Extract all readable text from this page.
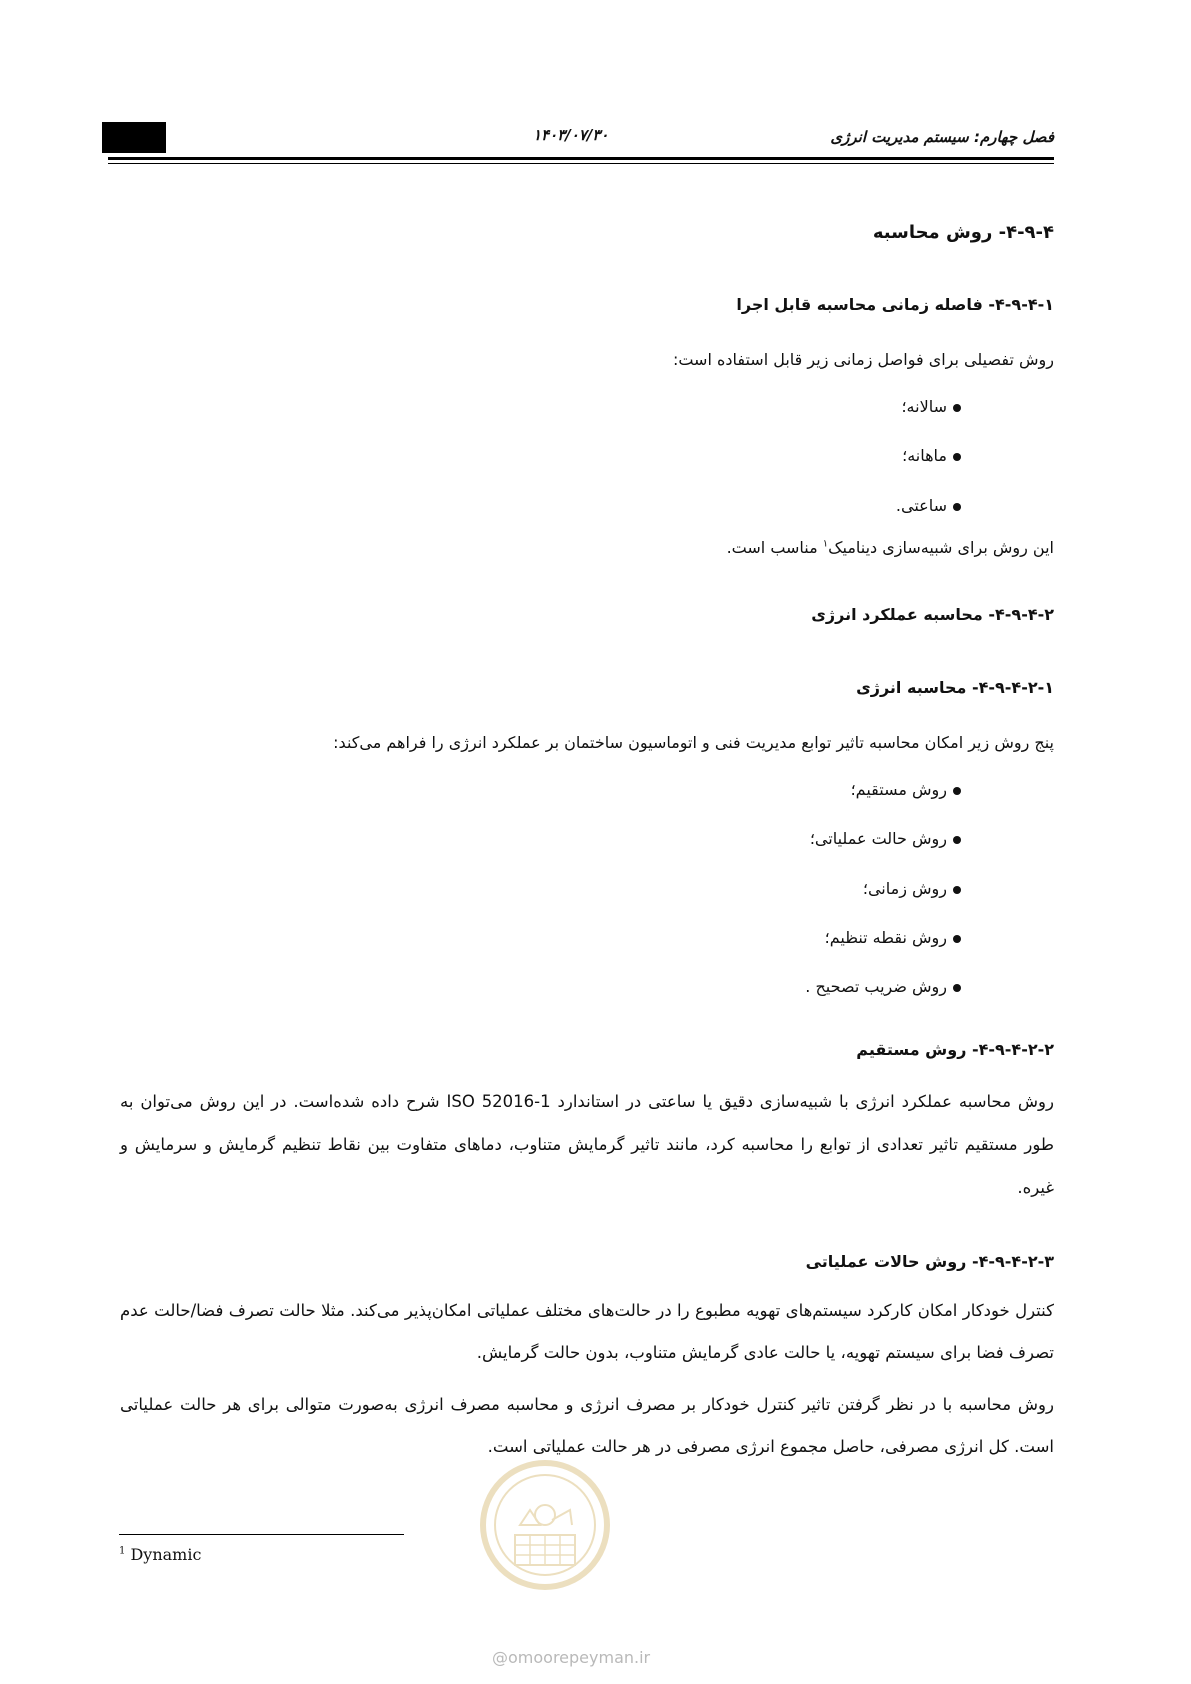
فصل چهارم: سیستم مدیریت انرژی
۱۴۰۳/۰۷/۳۰
۴-۹-۴- روش محاسبه
۴-۹-۴-۱- فاصله زمانی محاسبه قابل اجرا
روش تفصیلی برای فواصل زمانی زیر قابل استفاده است:
سالانه؛
ماهانه؛
ساعتی.
این روش برای شبیه‌سازی دینامیک$^۱$ مناسب است.
۴-۹-۴-۲- محاسبه عملکرد انرژی
۴-۹-۴-۲-۱- محاسبه انرژی
پنج روش زیر امکان محاسبه تاثیر توابع مدیریت فنی و اتوماسیون ساختمان بر عملکرد انرژی را فراهم می‌کند:
روش مستقیم؛
روش حالت عملیاتی؛
روش زمانی؛
روش نقطه تنظیم؛
روش ضریب تصحیح .
۴-۹-۴-۲-۲- روش مستقیم
روش محاسبه عملکرد انرژی با شبیه‌سازی دقیق یا ساعتی در استاندارد ISO 52016-1 شرح داده شده‌است. در این روش می‌توان به طور مستقیم تاثیر تعدادی از توابع را محاسبه کرد، مانند تاثیر گرمایش متناوب، دماهای متفاوت بین نقاط تنظیم گرمایش و سرمایش و غیره.
۴-۹-۴-۲-۳- روش حالات عملیاتی
کنترل خودکار امکان کارکرد سیستم‌های تهویه مطبوع را در حالت‌های مختلف عملیاتی امکان‌پذیر می‌کند. مثلا حالت تصرف فضا/حالت عدم تصرف فضا برای سیستم تهویه، یا حالت عادی گرمایش متناوب، بدون حالت گرمایش.
روش محاسبه با در نظر گرفتن تاثیر کنترل خودکار بر مصرف انرژی و محاسبه مصرف انرژی به‌صورت متوالی برای هر حالت عملیاتی است. کل انرژی مصرفی، حاصل مجموع انرژی مصرفی در هر حالت عملیاتی است.
@omoorepeyman.ir
$^1$ Dynamic
